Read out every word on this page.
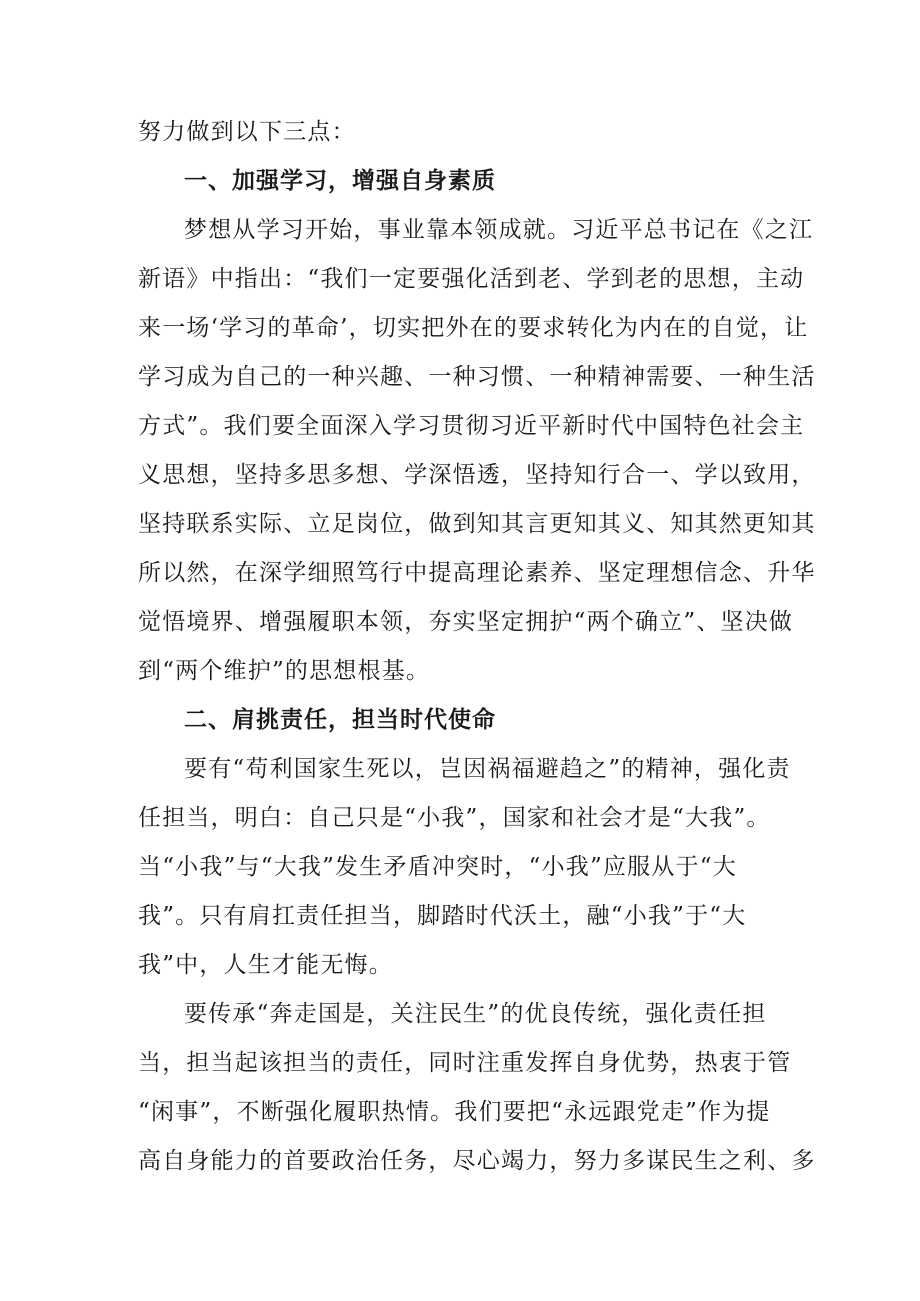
努力做到以下三点：
一、加强学习，增强自身素质
梦想从学习开始，事业靠本领成就。习近平总书记在《之江
新语》中指出：“我们一定要强化活到老、学到老的思想，主动
来一场‘学习的革命’，切实把外在的要求转化为内在的自觉，让
学习成为自己的一种兴趣、一种习惯、一种精神需要、一种生活
方式”。我们要全面深入学习贯彻习近平新时代中国特色社会主
义思想，坚持多思多想、学深悟透，坚持知行合一、学以致用，
坚持联系实际、立足岗位，做到知其言更知其义、知其然更知其
所以然，在深学细照笃行中提高理论素养、坚定理想信念、升华
觉悟境界、增强履职本领，夯实坚定拥护“两个确立”、坚决做
到“两个维护”的思想根基。
二、肩挑责任，担当时代使命
要有“苟利国家生死以，岂因祸福避趋之”的精神，强化责
任担当，明白：自己只是“小我”，国家和社会才是“大我”。
当“小我”与“大我”发生矛盾冲突时，“小我”应服从于“大
我”。只有肩扛责任担当，脚踏时代沃土，融“小我”于“大
我”中，人生才能无悔。
要传承“奔走国是，关注民生”的优良传统，强化责任担
当，担当起该担当的责任，同时注重发挥自身优势，热衷于管
“闲事”，不断强化履职热情。我们要把“永远跟党走”作为提
高自身能力的首要政治任务，尽心竭力，努力多谋民生之利、多
